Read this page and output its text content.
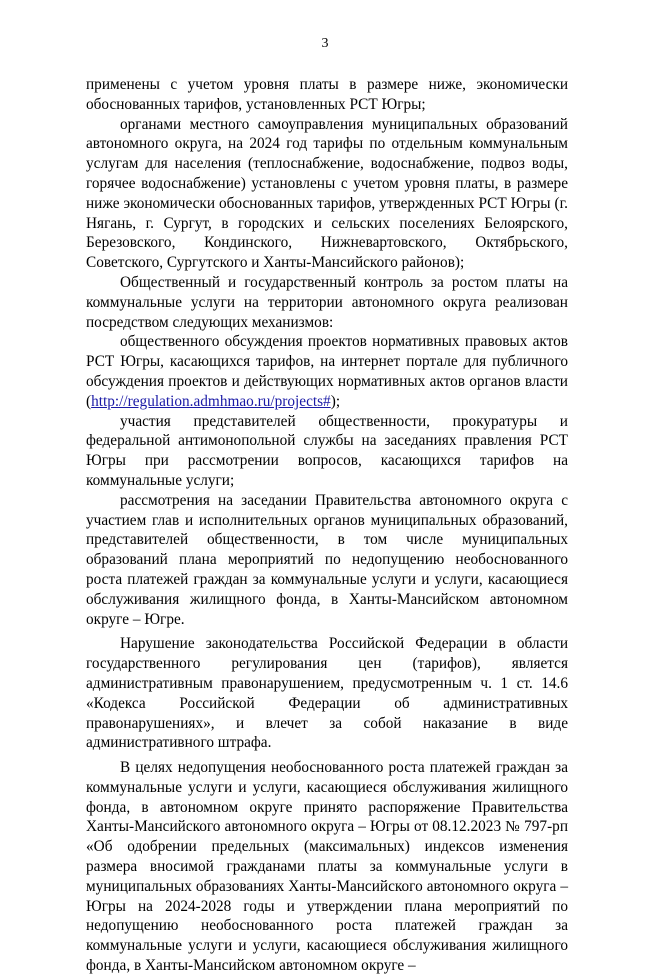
3

применены с учетом уровня платы в размере ниже, экономически обоснованных тарифов, установленных РСТ Югры;

органами местного самоуправления муниципальных образований автономного округа, на 2024 год тарифы по отдельным коммунальным услугам для населения (теплоснабжение, водоснабжение, подвоз воды, горячее водоснабжение) установлены с учетом уровня платы, в размере ниже экономически обоснованных тарифов, утвержденных РСТ Югры (г. Нягань, г. Сургут, в городских и сельских поселениях Белоярского, Березовского, Кондинского, Нижневартовского, Октябрьского, Советского, Сургутского и Ханты-Мансийского районов);

Общественный и государственный контроль за ростом платы на коммунальные услуги на территории автономного округа реализован посредством следующих механизмов:

общественного обсуждения проектов нормативных правовых актов РСТ Югры, касающихся тарифов, на интернет портале для публичного обсуждения проектов и действующих нормативных актов органов власти (http://regulation.admhmao.ru/projects#);

участия представителей общественности, прокуратуры и федеральной антимонопольной службы на заседаниях правления РСТ Югры при рассмотрении вопросов, касающихся тарифов на коммунальные услуги;

рассмотрения на заседании Правительства автономного округа с участием глав и исполнительных органов муниципальных образований, представителей общественности, в том числе муниципальных образований плана мероприятий по недопущению необоснованного роста платежей граждан за коммунальные услуги и услуги, касающиеся обслуживания жилищного фонда, в Ханты-Мансийском автономном округе – Югре.

Нарушение законодательства Российской Федерации в области государственного регулирования цен (тарифов), является административным правонарушением, предусмотренным ч. 1 ст. 14.6 «Кодекса Российской Федерации об административных правонарушениях», и влечет за собой наказание в виде административного штрафа.

В целях недопущения необоснованного роста платежей граждан за коммунальные услуги и услуги, касающиеся обслуживания жилищного фонда, в автономном округе принято распоряжение Правительства Ханты-Мансийского автономного округа – Югры от 08.12.2023 № 797-рп «Об одобрении предельных (максимальных) индексов изменения размера вносимой гражданами платы за коммунальные услуги в муниципальных образованиях Ханты-Мансийского автономного округа – Югры на 2024-2028 годы и утверждении плана мероприятий по недопущению необоснованного роста платежей граждан за коммунальные услуги и услуги, касающиеся обслуживания жилищного фонда, в Ханты-Мансийском автономном округе –
